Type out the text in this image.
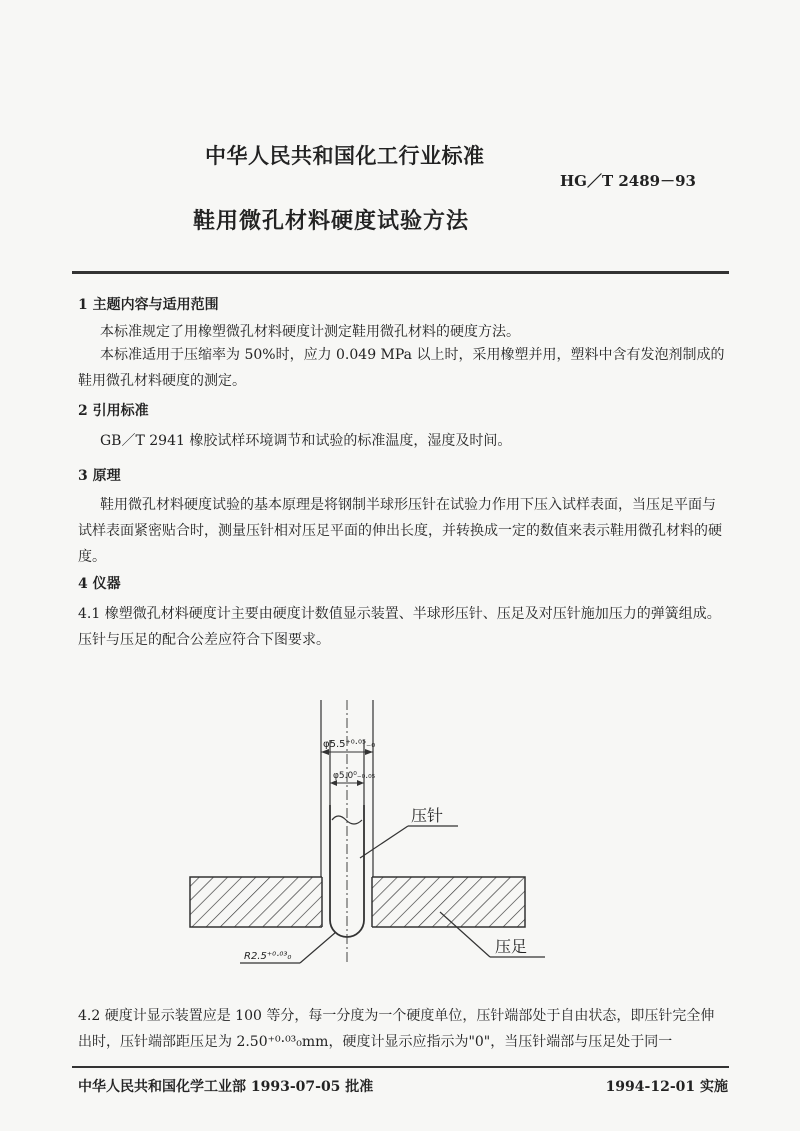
中华人民共和国化工行业标准
HG／T 2489－93
鞋用微孔材料硬度试验方法
1 主题内容与适用范围
本标准规定了用橡塑微孔材料硬度计测定鞋用微孔材料的硬度方法。
本标准适用于压缩率为 50%时，应力 0.049 MPa 以上时，采用橡塑并用，塑料中含有发泡剂制成的鞋用微孔材料硬度的测定。
2 引用标准
GB／T 2941 橡胶试样环境调节和试验的标准温度，湿度及时间。
3 原理
鞋用微孔材料硬度试验的基本原理是将钢制半球形压针在试验力作用下压入试样表面，当压足平面与试样表面紧密贴合时，测量压针相对压足平面的伸出长度，并转换成一定的数值来表示鞋用微孔材料的硬度。
4 仪器
4.1 橡塑微孔材料硬度计主要由硬度计数值显示装置、半球形压针、压足及对压针施加压力的弹簧组成。压针与压足的配合公差应符合下图要求。
φ5.5⁺⁰·⁰⁵₋₀
φ5.0⁰₋₀.₀₅
压针
压足
R2.5⁺⁰·⁰³₀
4.2 硬度计显示装置应是 100 等分，每一分度为一个硬度单位，压针端部处于自由状态，即压针完全伸出时，压针端部距压足为 2.50⁺⁰·⁰³₀mm，硬度计显示应指示为"0"，当压针端部与压足处于同一
中华人民共和国化学工业部 1993-07-05 批准	1994-12-01 实施
